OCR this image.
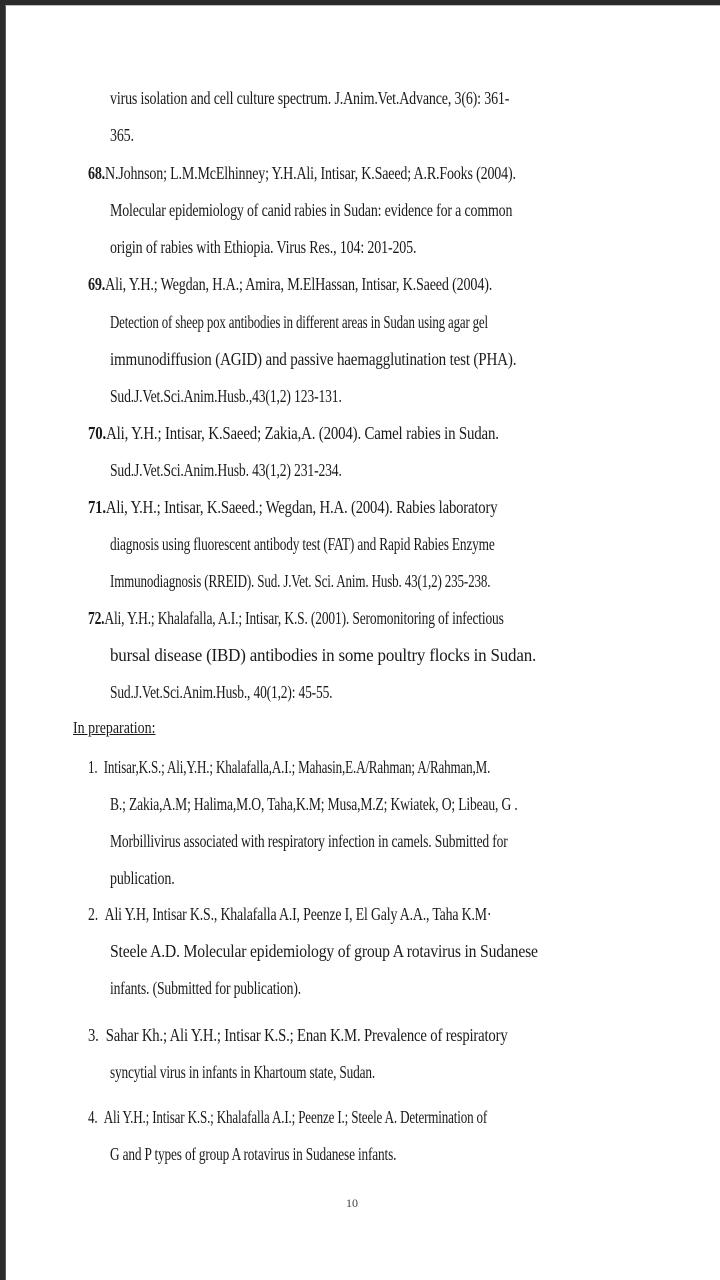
virus isolation and cell culture spectrum. J.Anim.Vet.Advance, 3(6): 361-
365.
68.N.Johnson; L.M.McElhinney; Y.H.Ali, Intisar, K.Saeed; A.R.Fooks (2004).
Molecular epidemiology of canid rabies in Sudan: evidence for a common
origin of rabies with Ethiopia. Virus Res., 104: 201-205.
69.Ali, Y.H.; Wegdan, H.A.; Amira, M.ElHassan, Intisar, K.Saeed (2004).
Detection of sheep pox antibodies in different areas in Sudan using agar gel
immunodiffusion (AGID) and passive haemagglutination test (PHA).
Sud.J.Vet.Sci.Anim.Husb.,43(1,2) 123-131.
70.Ali, Y.H.; Intisar, K.Saeed; Zakia,A. (2004). Camel rabies in Sudan.
Sud.J.Vet.Sci.Anim.Husb. 43(1,2) 231-234.
71.Ali, Y.H.; Intisar, K.Saeed.; Wegdan, H.A. (2004). Rabies laboratory
diagnosis using fluorescent antibody test (FAT) and Rapid Rabies Enzyme
Immunodiagnosis (RREID). Sud. J.Vet. Sci. Anim. Husb. 43(1,2) 235-238.
72.Ali, Y.H.; Khalafalla, A.I.; Intisar, K.S. (2001). Seromonitoring of infectious
bursal disease (IBD) antibodies in some poultry flocks in Sudan.
Sud.J.Vet.Sci.Anim.Husb., 40(1,2): 45-55.
In preparation:
1. Intisar,K.S.; Ali,Y.H.; Khalafalla,A.I.; Mahasin,E.A/Rahman; A/Rahman,M.
B.; Zakia,A.M; Halima,M.O, Taha,K.M; Musa,M.Z; Kwiatek, O; Libeau, G .
Morbillivirus associated with respiratory infection in camels. Submitted for
publication.
2. Ali Y.H, Intisar K.S., Khalafalla A.I, Peenze I, El Galy A.A., Taha K.M·
Steele A.D. Molecular epidemiology of group A rotavirus in Sudanese
infants. (Submitted for publication).
3. Sahar Kh.; Ali Y.H.; Intisar K.S.; Enan K.M. Prevalence of respiratory
syncytial virus in infants in Khartoum state, Sudan.
4. Ali Y.H.; Intisar K.S.; Khalafalla A.I.; Peenze I.; Steele A. Determination of
G and P types of group A rotavirus in Sudanese infants.
10
